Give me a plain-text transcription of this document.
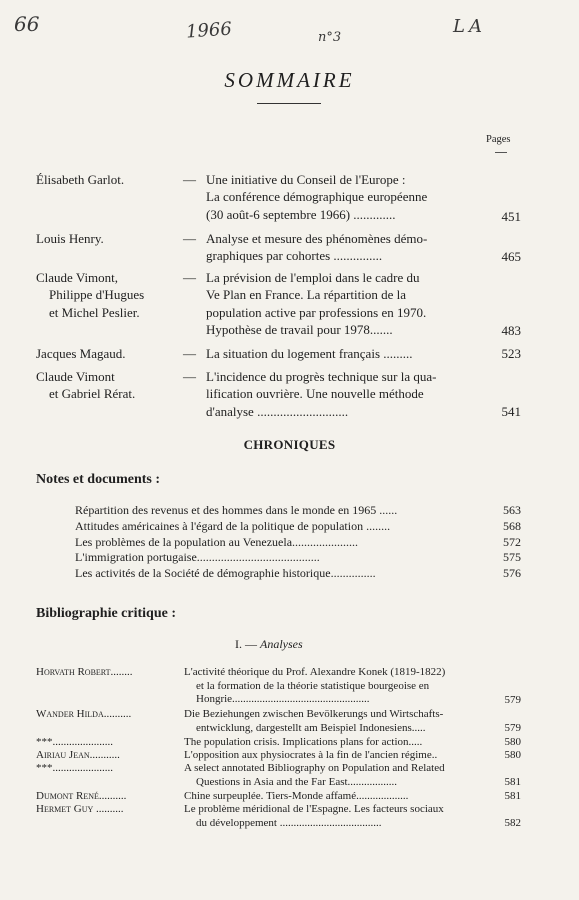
66	1966	n°3
LA
SOMMAIRE
Pages
Élisabeth Garlot.	— Une initiative du Conseil de l'Europe :
La conférence démographique européenne
(30 août-6 septembre 1966) .............	451
Louis Henry.	— Analyse et mesure des phénomènes démo-
graphiques par cohortes ...............	465
Claude Vimont,
Philippe d'Hugues
et Michel Peslier.
— La prévision de l'emploi dans le cadre du
Ve Plan en France. La répartition de la
population active par professions en 1970.
Hypothèse de travail pour 1978.......	483
Jacques Magaud.	— La situation du logement français .........	523
Claude Vimont
et Gabriel Rérat.
— L'incidence du progrès technique sur la qua-
lification ouvrière. Une nouvelle méthode
d'analyse ............................	541
CHRONIQUES
Notes et documents :
Répartition des revenus et des hommes dans le monde en 1965 ......	563
Attitudes américaines à l'égard de la politique de population ........	568
Les problèmes de la population au Venezuela......................	572
L'immigration portugaise.........................................	575
Les activités de la Société de démographie historique...............	576
Bibliographie critique :
I. — Analyses
Horvath Robert........	L'activité théorique du Prof. Alexandre Konek (1819-1822)
et la formation de la théorie statistique bourgeoise en
Hongrie..................................................	579
Wander Hilda..........	Die Beziehungen zwischen Bevölkerungs und Wirtschafts-
entwicklung, dargestellt am Beispiel Indonesiens.....	579
***......................	The population crisis. Implications plans for action.....	580
Airiau Jean...........	L'opposition aux physiocrates à la fin de l'ancien régime..	580
***......................	A select annotated Bibliography on Population and Related
Questions in Asia and the Far East..................	581
Dumont René..........	Chine surpeuplée. Tiers-Monde affamé...................	581
Hermet Guy ..........	Le problème méridional de l'Espagne. Les facteurs sociaux
du développement .....................................	582
